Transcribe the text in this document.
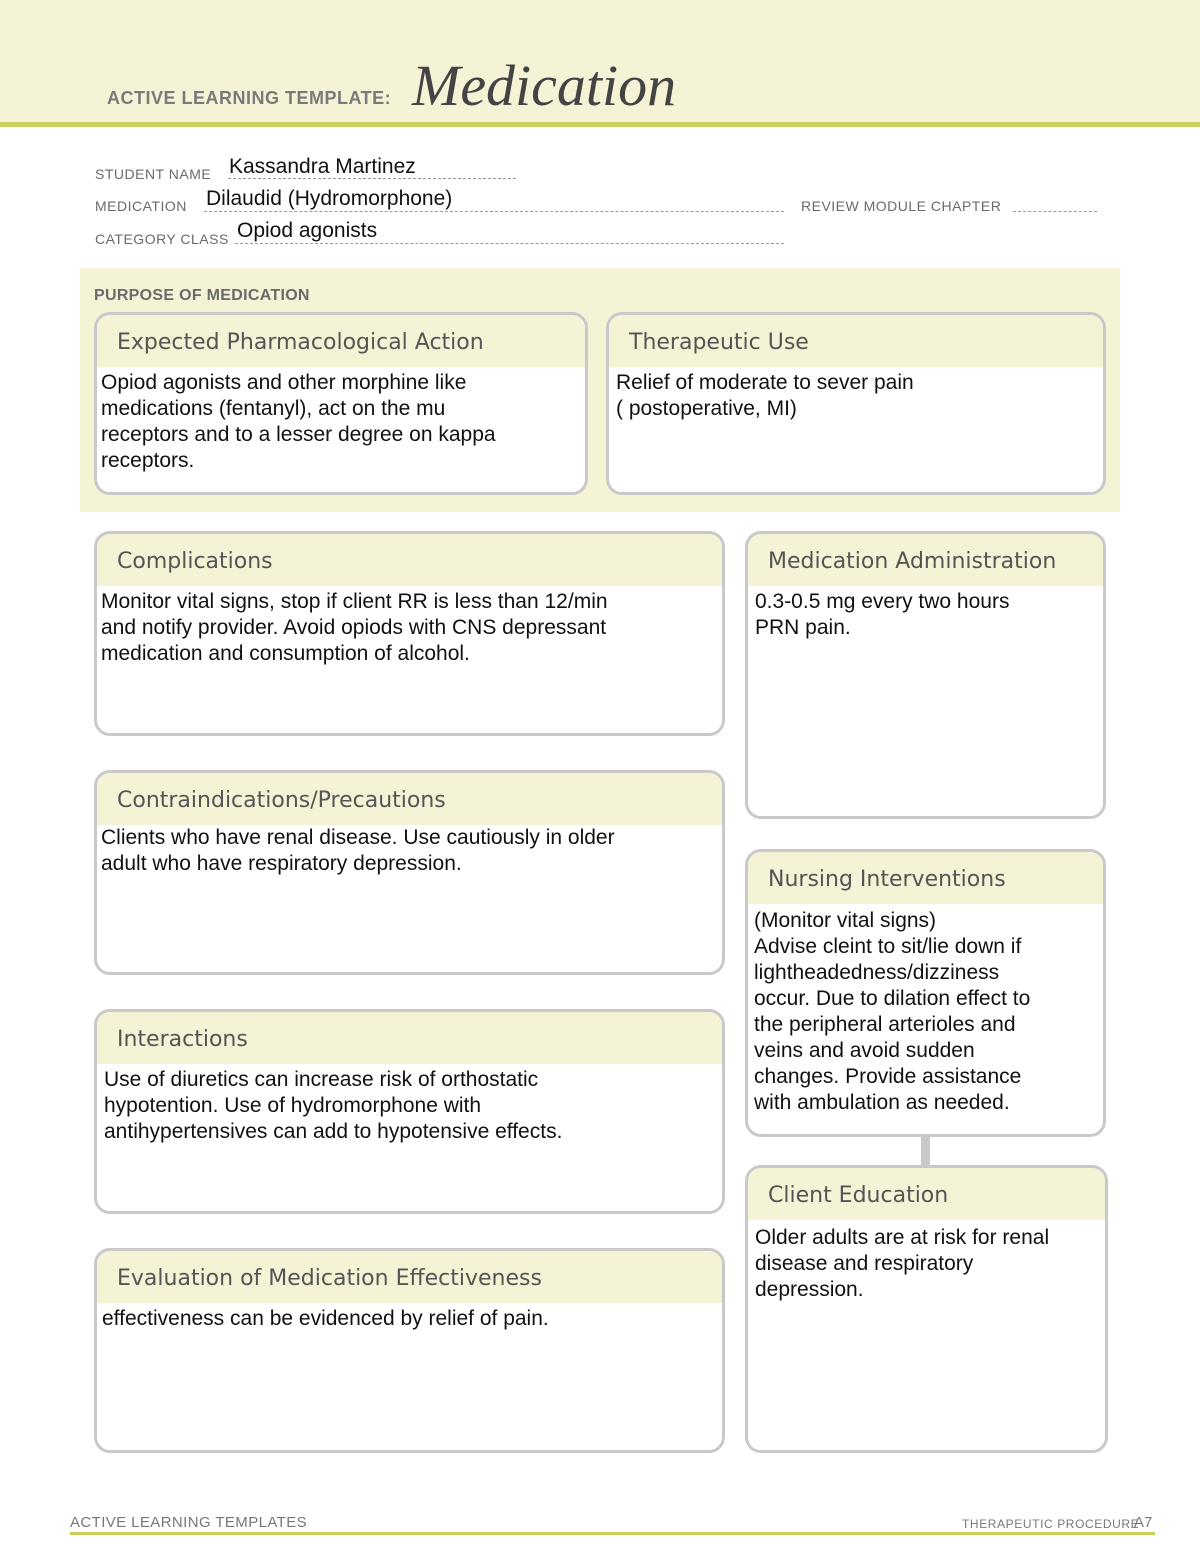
ACTIVE LEARNING TEMPLATE: Medication
STUDENT NAME Kassandra Martinez
MEDICATION Dilaudid (Hydromorphone)	REVIEW MODULE CHAPTER
CATEGORY CLASS Opiod agonists
PURPOSE OF MEDICATION
Expected Pharmacological Action

Opiod agonists and other morphine like

medications (fentanyl), act on the mu

receptors and to a lesser degree on kappa

receptors.

Therapeutic Use

Relief of moderate to sever pain

( postoperative, MI)

Complications

Monitor vital signs, stop if client RR is less than 12/min

and notify provider. Avoid opiods with CNS depressant

medication and consumption of alcohol.

Contraindications/Precautions

Clients who have renal disease. Use cautiously in older

adult who have respiratory depression.

Interactions

Use of diuretics can increase risk of orthostatic

hypotention. Use of hydromorphone with

antihypertensives can add to hypotensive effects.

Evaluation of Medication Effectiveness

effectiveness can be evidenced by relief of pain.

Medication Administration

0.3-0.5 mg every two hours

PRN pain.

Nursing Interventions

(Monitor vital signs)

Advise cleint to sit/lie down if

lightheadedness/dizziness

occur. Due to dilation effect to

the peripheral arterioles and

veins and avoid sudden

changes. Provide assistance

with ambulation as needed.

Client Education

Older adults are at risk for renal

disease and respiratory

depression.

ACTIVE LEARNING TEMPLATES	THERAPEUTIC PROCEDURE
A7
